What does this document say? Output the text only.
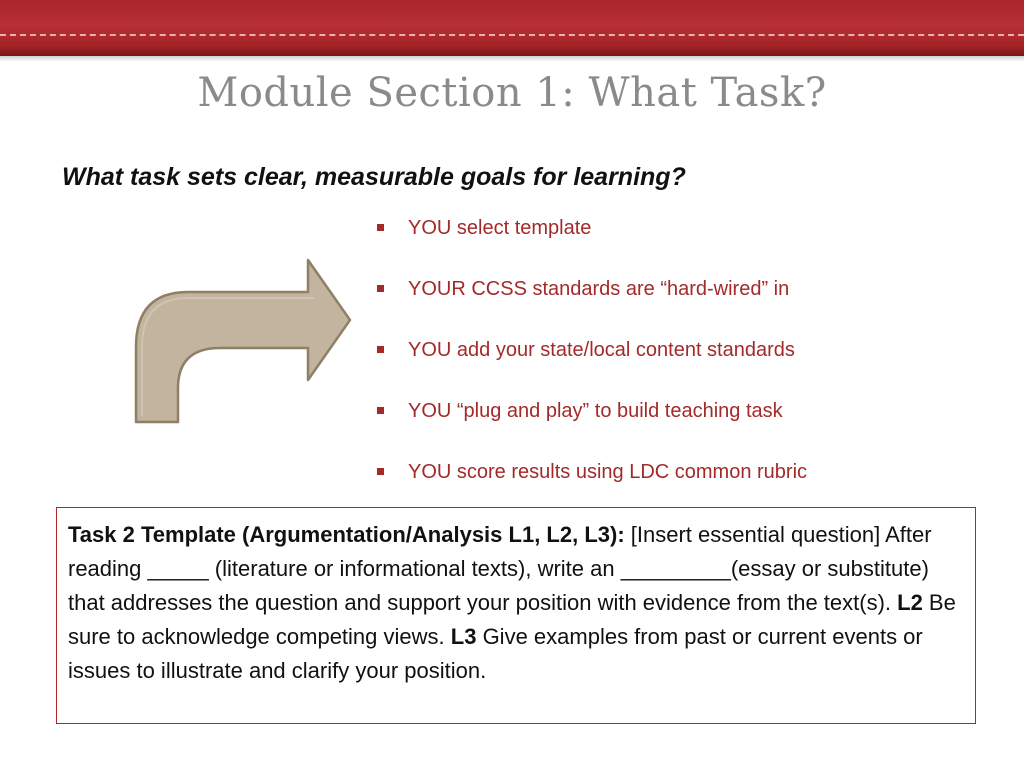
Module Section 1: What Task?

What task sets clear, measurable goals for learning?

YOU select template
YOUR CCSS standards are “hard-wired” in
YOU add your state/local content standards
YOU “plug and play” to build teaching task
YOU score results using LDC common rubric
Task 2 Template (Argumentation/Analysis L1, L2, L3): [Insert essential question] After reading _____ (literature or informational texts), write an _________(essay or substitute) that addresses the question and support your position with evidence from the text(s). L2 Be sure to acknowledge competing views. L3 Give examples from past or current events or issues to illustrate and clarify your position.
